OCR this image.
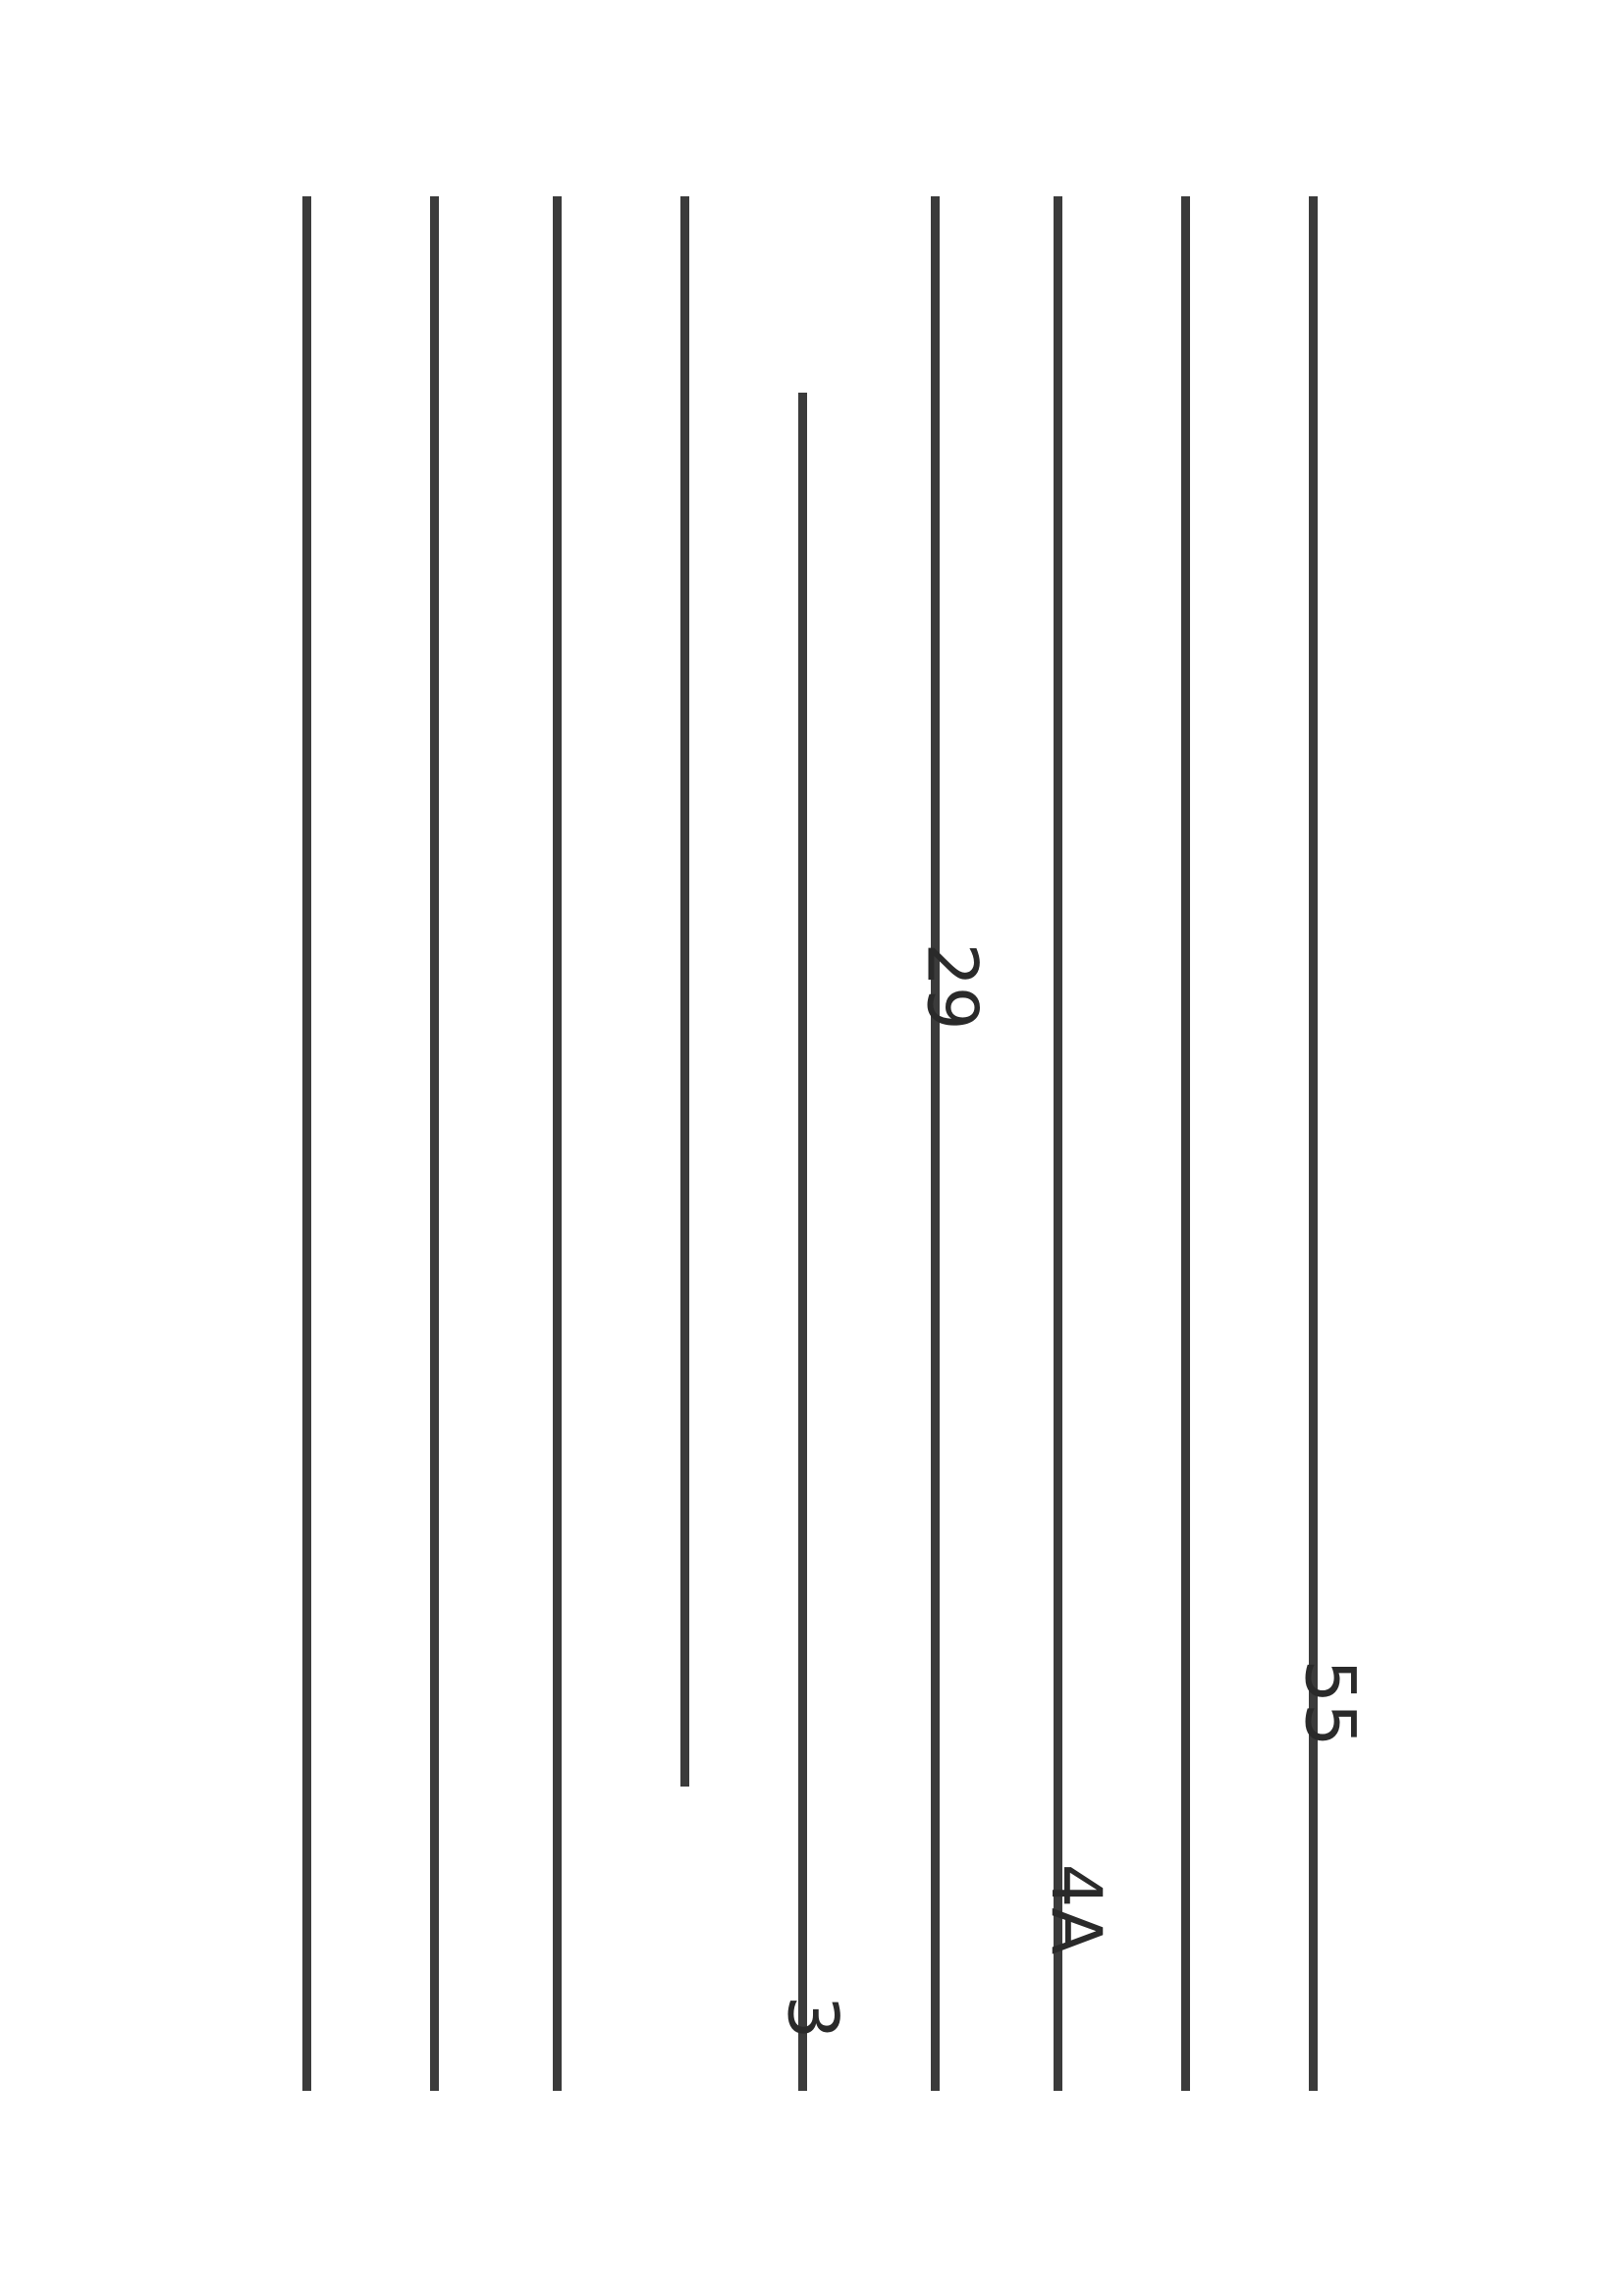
55
4A
29
3
